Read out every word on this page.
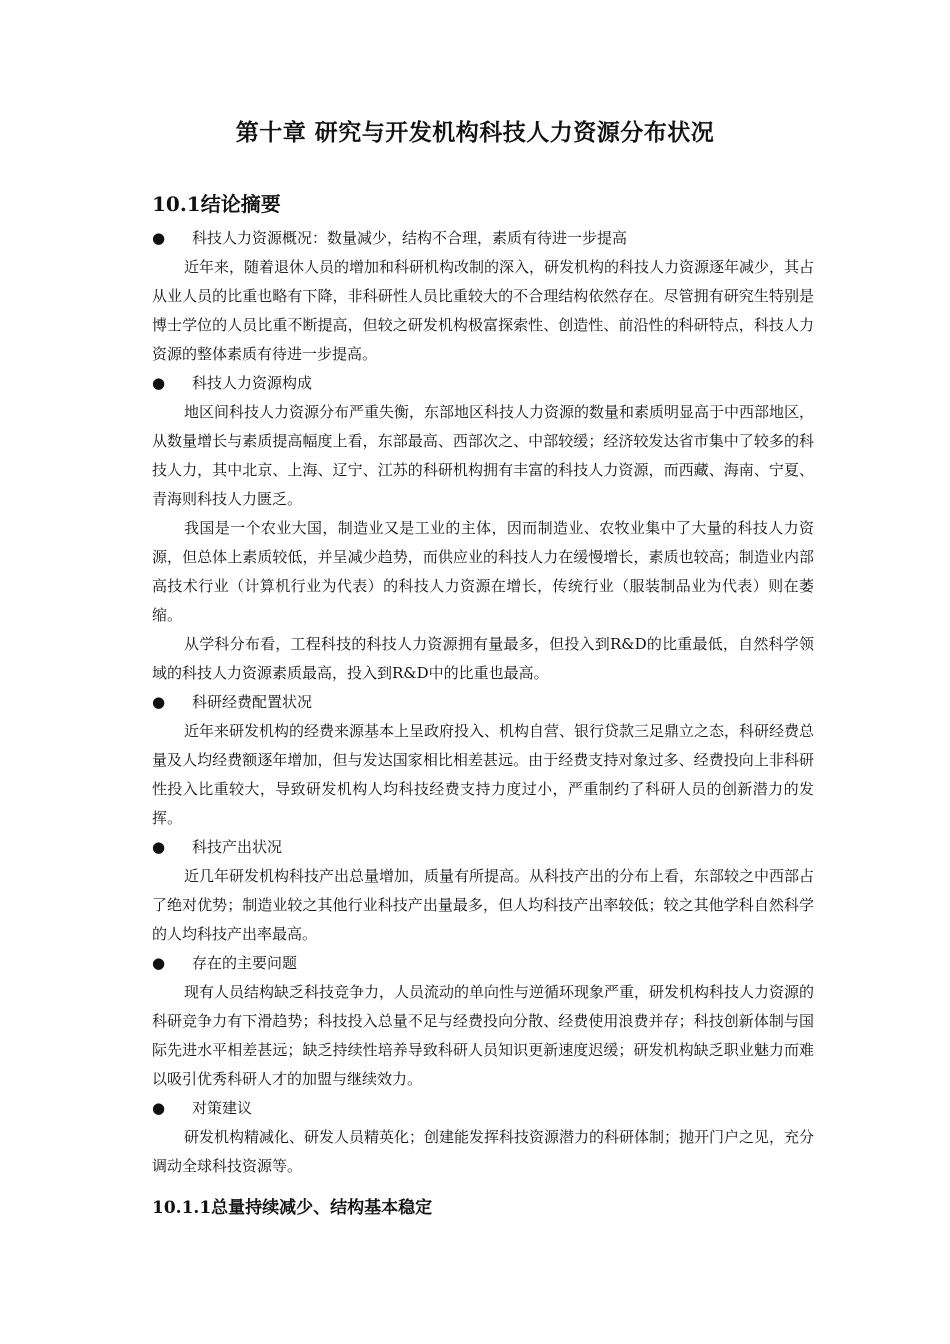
第十章 研究与开发机构科技人力资源分布状况
10.1结论摘要
●	科技人力资源概况：数量减少，结构不合理，素质有待进一步提高

近年来，随着退休人员的增加和科研机构改制的深入，研发机构的科技人力资源逐年减少，其占从业人员的比重也略有下降，非科研性人员比重较大的不合理结构依然存在。尽管拥有研究生特别是博士学位的人员比重不断提高，但较之研发机构极富探索性、创造性、前沿性的科研特点，科技人力资源的整体素质有待进一步提高。

●	科技人力资源构成

地区间科技人力资源分布严重失衡，东部地区科技人力资源的数量和素质明显高于中西部地区，从数量增长与素质提高幅度上看，东部最高、西部次之、中部较缓；经济较发达省市集中了较多的科技人力，其中北京、上海、辽宁、江苏的科研机构拥有丰富的科技人力资源，而西藏、海南、宁夏、青海则科技人力匮乏。

我国是一个农业大国，制造业又是工业的主体，因而制造业、农牧业集中了大量的科技人力资源，但总体上素质较低，并呈减少趋势，而供应业的科技人力在缓慢增长，素质也较高；制造业内部高技术行业（计算机行业为代表）的科技人力资源在增长，传统行业（服装制品业为代表）则在萎缩。

从学科分布看，工程科技的科技人力资源拥有量最多，但投入到R&D的比重最低，自然科学领域的科技人力资源素质最高，投入到R&D中的比重也最高。

●	科研经费配置状况

近年来研发机构的经费来源基本上呈政府投入、机构自营、银行贷款三足鼎立之态，科研经费总量及人均经费额逐年增加，但与发达国家相比相差甚远。由于经费支持对象过多、经费投向上非科研性投入比重较大，导致研发机构人均科技经费支持力度过小，严重制约了科研人员的创新潜力的发挥。

●	科技产出状况

近几年研发机构科技产出总量增加，质量有所提高。从科技产出的分布上看，东部较之中西部占了绝对优势；制造业较之其他行业科技产出量最多，但人均科技产出率较低；较之其他学科自然科学的人均科技产出率最高。

●	存在的主要问题

现有人员结构缺乏科技竞争力，人员流动的单向性与逆循环现象严重，研发机构科技人力资源的科研竞争力有下滑趋势；科技投入总量不足与经费投向分散、经费使用浪费并存；科技创新体制与国际先进水平相差甚远；缺乏持续性培养导致科研人员知识更新速度迟缓；研发机构缺乏职业魅力而难以吸引优秀科研人才的加盟与继续效力。

●	对策建议

研发机构精减化、研发人员精英化；创建能发挥科技资源潜力的科研体制；抛开门户之见，充分调动全球科技资源等。

10.1.1总量持续减少、结构基本稳定
